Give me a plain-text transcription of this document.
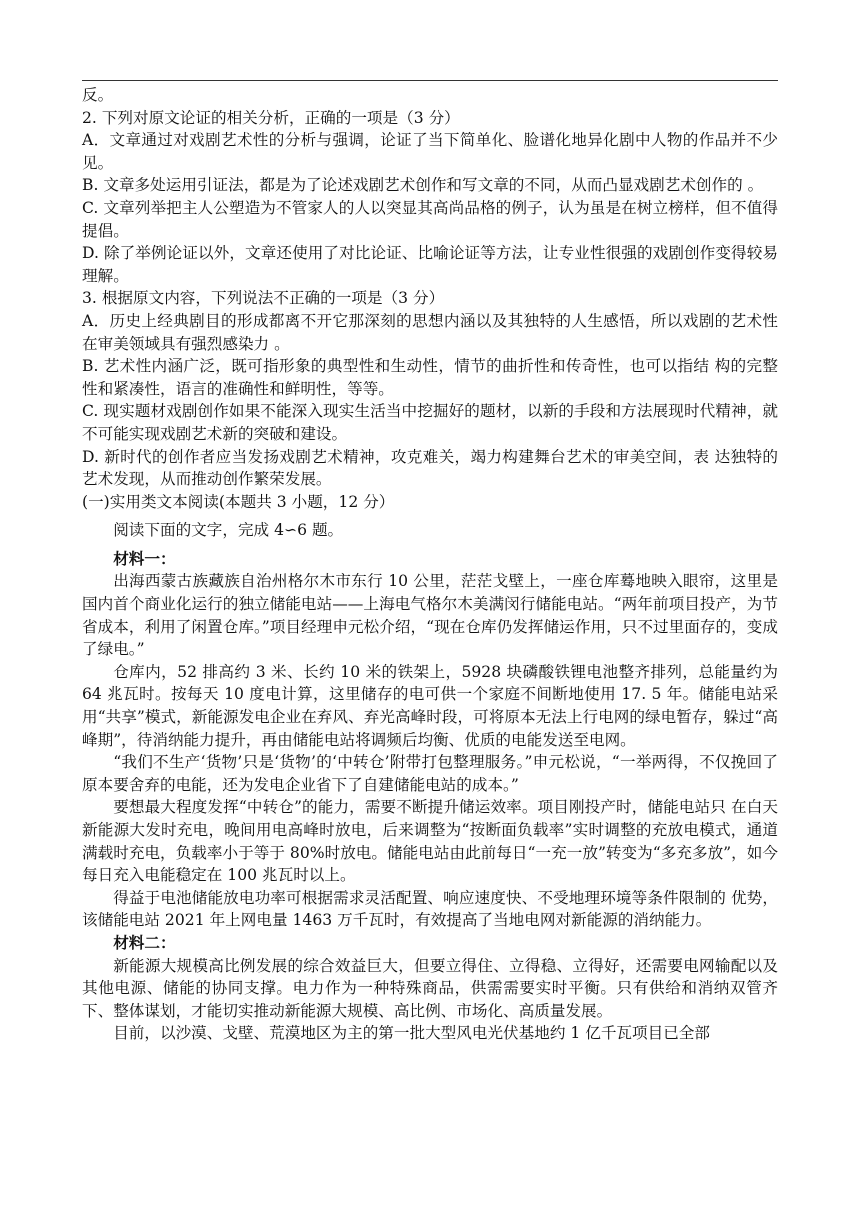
反。

2. 下列对原文论证的相关分析，正确的一项是（3 分）

A．文章通过对戏剧艺术性的分析与强调，论证了当下简单化、脸谱化地异化剧中人物的作品并不少见。

B. 文章多处运用引证法，都是为了论述戏剧艺术创作和写文章的不同，从而凸显戏剧艺术创作的 。

C. 文章列举把主人公塑造为不管家人的人以突显其高尚品格的例子，认为虽是在树立榜样，但不值得提倡。

D. 除了举例论证以外，文章还使用了对比论证、比喻论证等方法，让专业性很强的戏剧创作变得较易理解。

3. 根据原文内容，下列说法不正确的一项是（3 分）

A．历史上经典剧目的形成都离不开它那深刻的思想内涵以及其独特的人生感悟，所以戏剧的艺术性在审美领域具有强烈感染力 。

B. 艺术性内涵广泛，既可指形象的典型性和生动性，情节的曲折性和传奇性，也可以指结 构的完整性和紧凑性，语言的准确性和鲜明性，等等。

C. 现实题材戏剧创作如果不能深入现实生活当中挖掘好的题材，以新的手段和方法展现时代精神，就不可能实现戏剧艺术新的突破和建设。

D. 新时代的创作者应当发扬戏剧艺术精神，攻克难关，竭力构建舞台艺术的审美空间，表 达独特的艺术发现，从而推动创作繁荣发展。

(一)实用类文本阅读(本题共 3 小题，12 分）

阅读下面的文字，完成 4∽6 题。

材料一：

出海西蒙古族藏族自治州格尔木市东行 10 公里，茫茫戈壁上，一座仓库蓦地映入眼帘，这里是国内首个商业化运行的独立储能电站——上海电气格尔木美满闵行储能电站。“两年前项目投产，为节省成本，利用了闲置仓库。”项目经理申元松介绍，“现在仓库仍发挥储运作用，只不过里面存的，变成了绿电。”

仓库内，52 排高约 3 米、长约 10 米的铁架上，5928 块磷酸铁锂电池整齐排列，总能量约为 64 兆瓦时。按每天 10 度电计算，这里储存的电可供一个家庭不间断地使用 17. 5 年。储能电站采用“共享”模式，新能源发电企业在弃风、弃光高峰时段，可将原本无法上行电网的绿电暂存，躲过“高峰期”，待消纳能力提升，再由储能电站将调频后均衡、优质的电能发送至电网。

“我们不生产‘货物’只是‘货物’的‘中转仓’附带打包整理服务。”申元松说，“一举两得，不仅挽回了原本要舍弃的电能，还为发电企业省下了自建储能电站的成本。”

要想最大程度发挥“中转仓”的能力，需要不断提升储运效率。项目刚投产时，储能电站只 在白天新能源大发时充电，晚间用电高峰时放电，后来调整为“按断面负载率”实时调整的充放电模式，通道满载时充电，负载率小于等于 80%时放电。储能电站由此前每日“一充一放”转变为“多充多放”，如今每日充入电能稳定在 100 兆瓦时以上。

得益于电池储能放电功率可根据需求灵活配置、响应速度快、不受地理环境等条件限制的 优势，该储能电站 2021 年上网电量 1463 万千瓦时，有效提高了当地电网对新能源的消纳能力。

材料二：

新能源大规模高比例发展的综合效益巨大，但要立得住、立得稳、立得好，还需要电网输配以及其他电源、储能的协同支撑。电力作为一种特殊商品，供需需要实时平衡。只有供给和消纳双管齐下、整体谋划，才能切实推动新能源大规模、高比例、市场化、高质量发展。

目前，以沙漠、戈壁、荒漠地区为主的第一批大型风电光伏基地约 1 亿千瓦项目已全部
